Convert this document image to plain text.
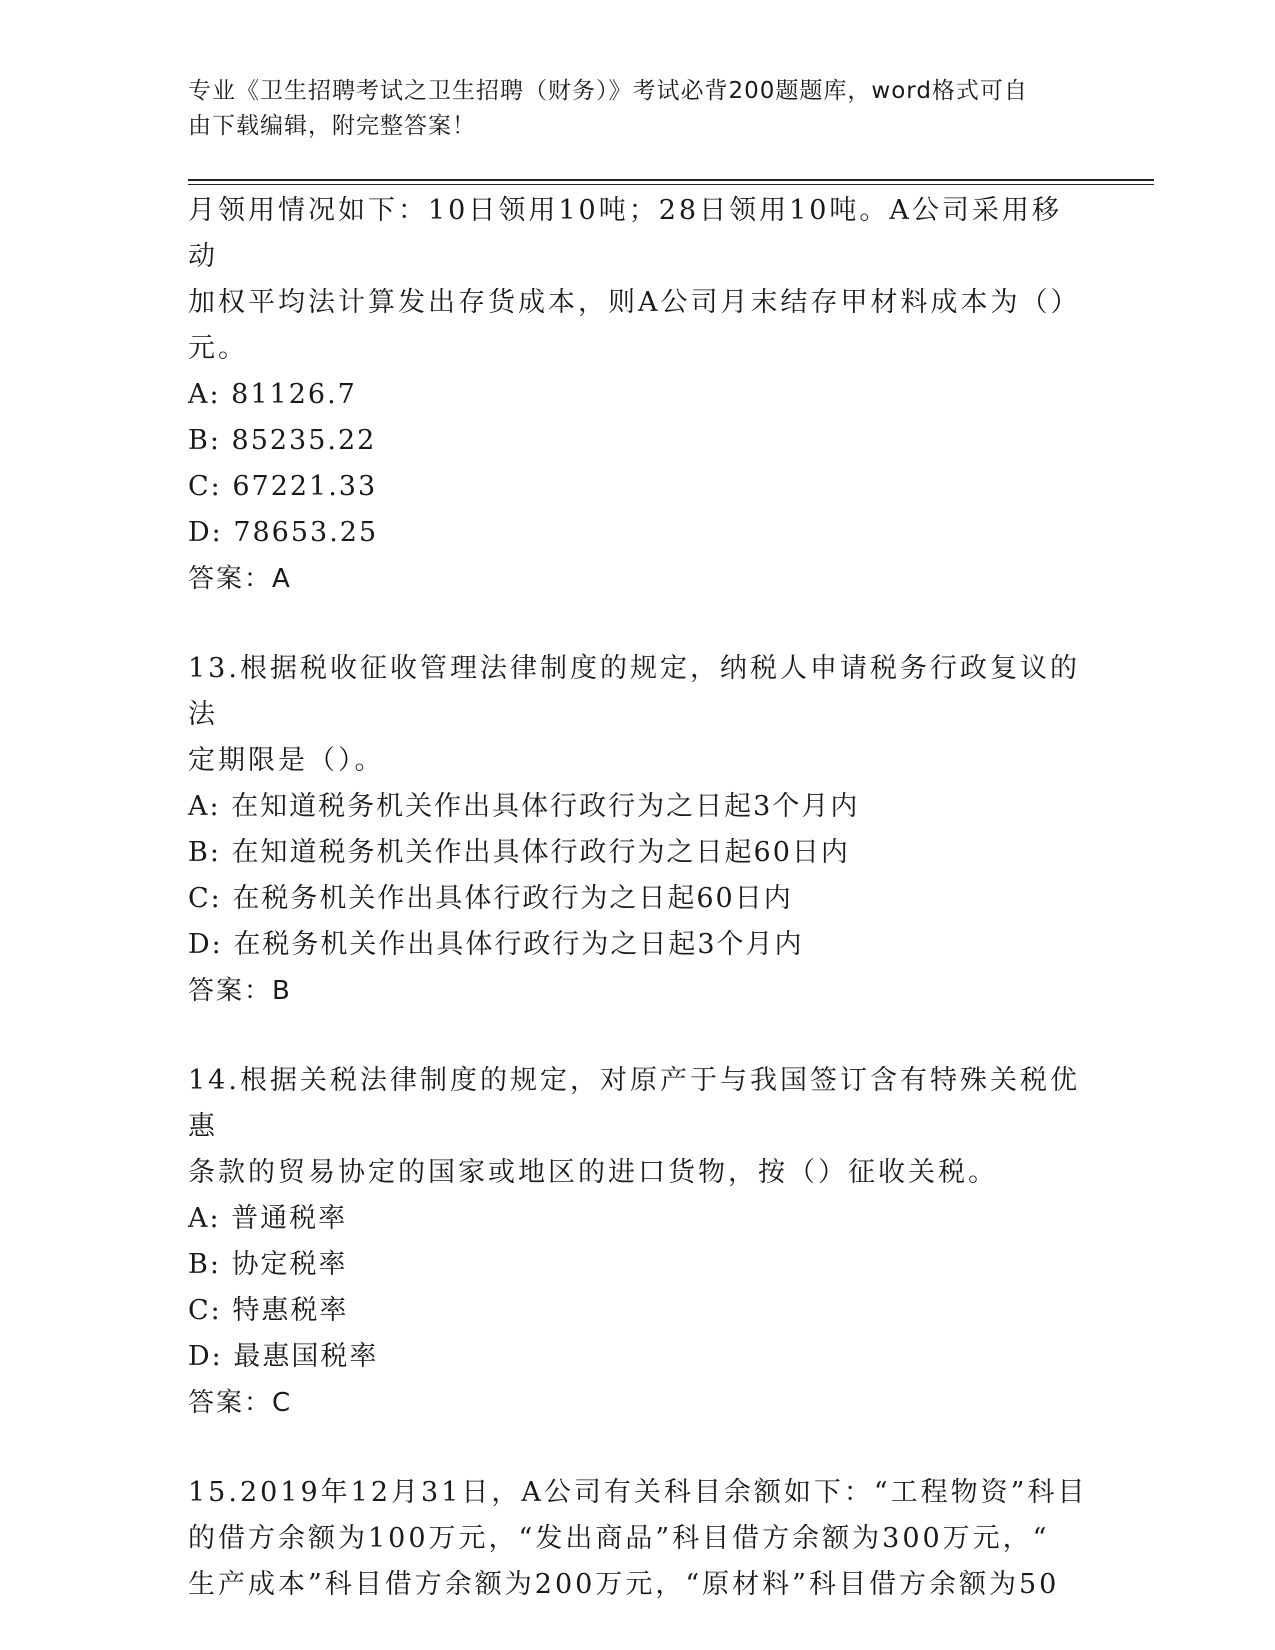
专业《卫生招聘考试之卫生招聘（财务）》考试必背200题题库，word格式可自
由下载编辑，附完整答案！

月领用情况如下：10日领用10吨；28日领用10吨。A公司采用移动

加权平均法计算发出存货成本，则A公司月末结存甲材料成本为（）

元。

A: 81126.7

B: 85235.22

C: 67221.33

D: 78653.25

答案：A

13.根据税收征收管理法律制度的规定，纳税人申请税务行政复议的法

定期限是（）。

A: 在知道税务机关作出具体行政行为之日起3个月内

B: 在知道税务机关作出具体行政行为之日起60日内

C: 在税务机关作出具体行政行为之日起60日内

D: 在税务机关作出具体行政行为之日起3个月内

答案：B

14.根据关税法律制度的规定，对原产于与我国签订含有特殊关税优惠

条款的贸易协定的国家或地区的进口货物，按（）征收关税。

A: 普通税率

B: 协定税率

C: 特惠税率

D: 最惠国税率

答案：C

15.2019年12月31日，A公司有关科目余额如下：“工程物资”科目

的借方余额为100万元，“发出商品”科目借方余额为300万元，“

生产成本”科目借方余额为200万元，“原材料”科目借方余额为50
